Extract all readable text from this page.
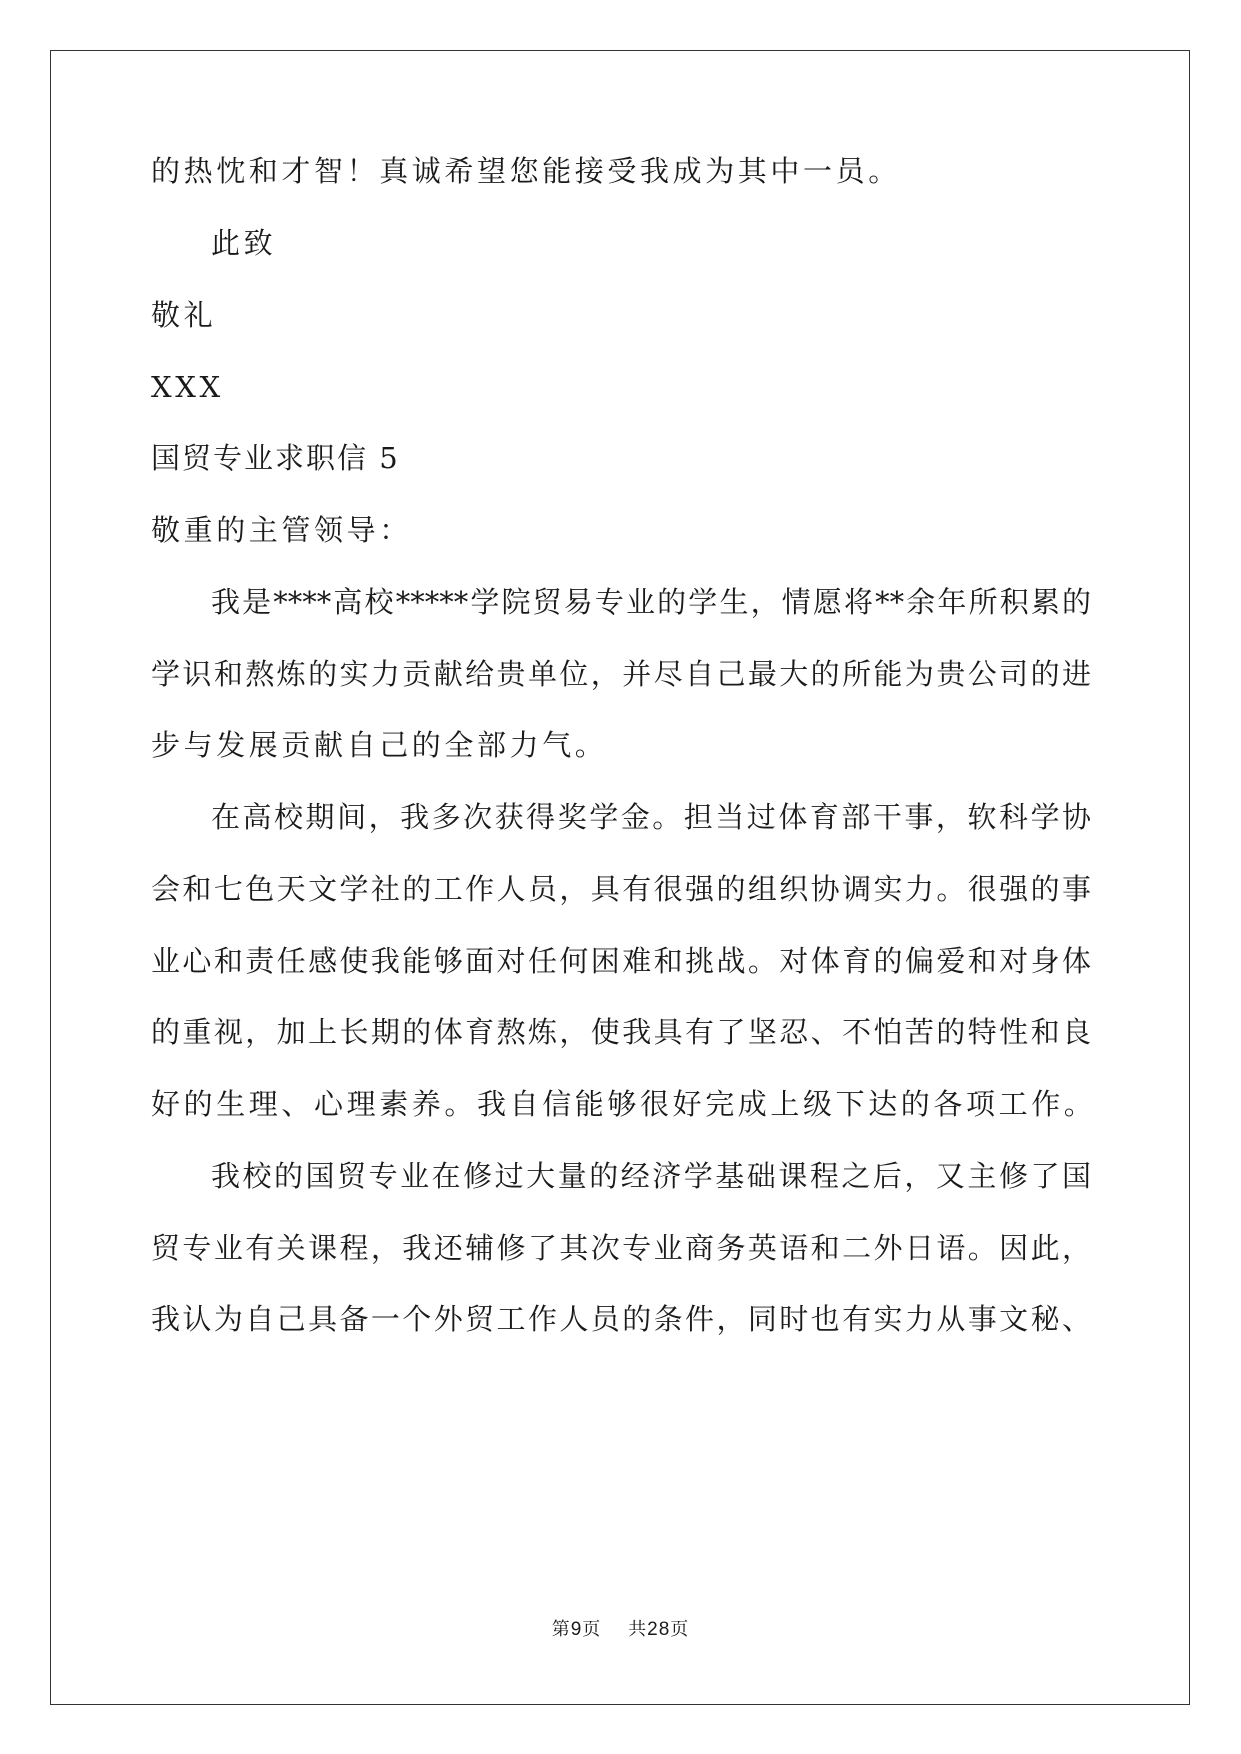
的热忱和才智！真诚希望您能接受我成为其中一员。
此致
敬礼
XXX
国贸专业求职信 5
敬重的主管领导：
我是****高校*****学院贸易专业的学生，情愿将**余年所积累的
学识和熬炼的实力贡献给贵单位，并尽自己最大的所能为贵公司的进
步与发展贡献自己的全部力气。
在高校期间，我多次获得奖学金。担当过体育部干事，软科学协
会和七色天文学社的工作人员，具有很强的组织协调实力。很强的事
业心和责任感使我能够面对任何困难和挑战。对体育的偏爱和对身体
的重视，加上长期的体育熬炼，使我具有了坚忍、不怕苦的特性和良
好的生理、心理素养。我自信能够很好完成上级下达的各项工作。
我校的国贸专业在修过大量的经济学基础课程之后，又主修了国
贸专业有关课程，我还辅修了其次专业商务英语和二外日语。因此，
我认为自己具备一个外贸工作人员的条件，同时也有实力从事文秘、
第9页 共28页
